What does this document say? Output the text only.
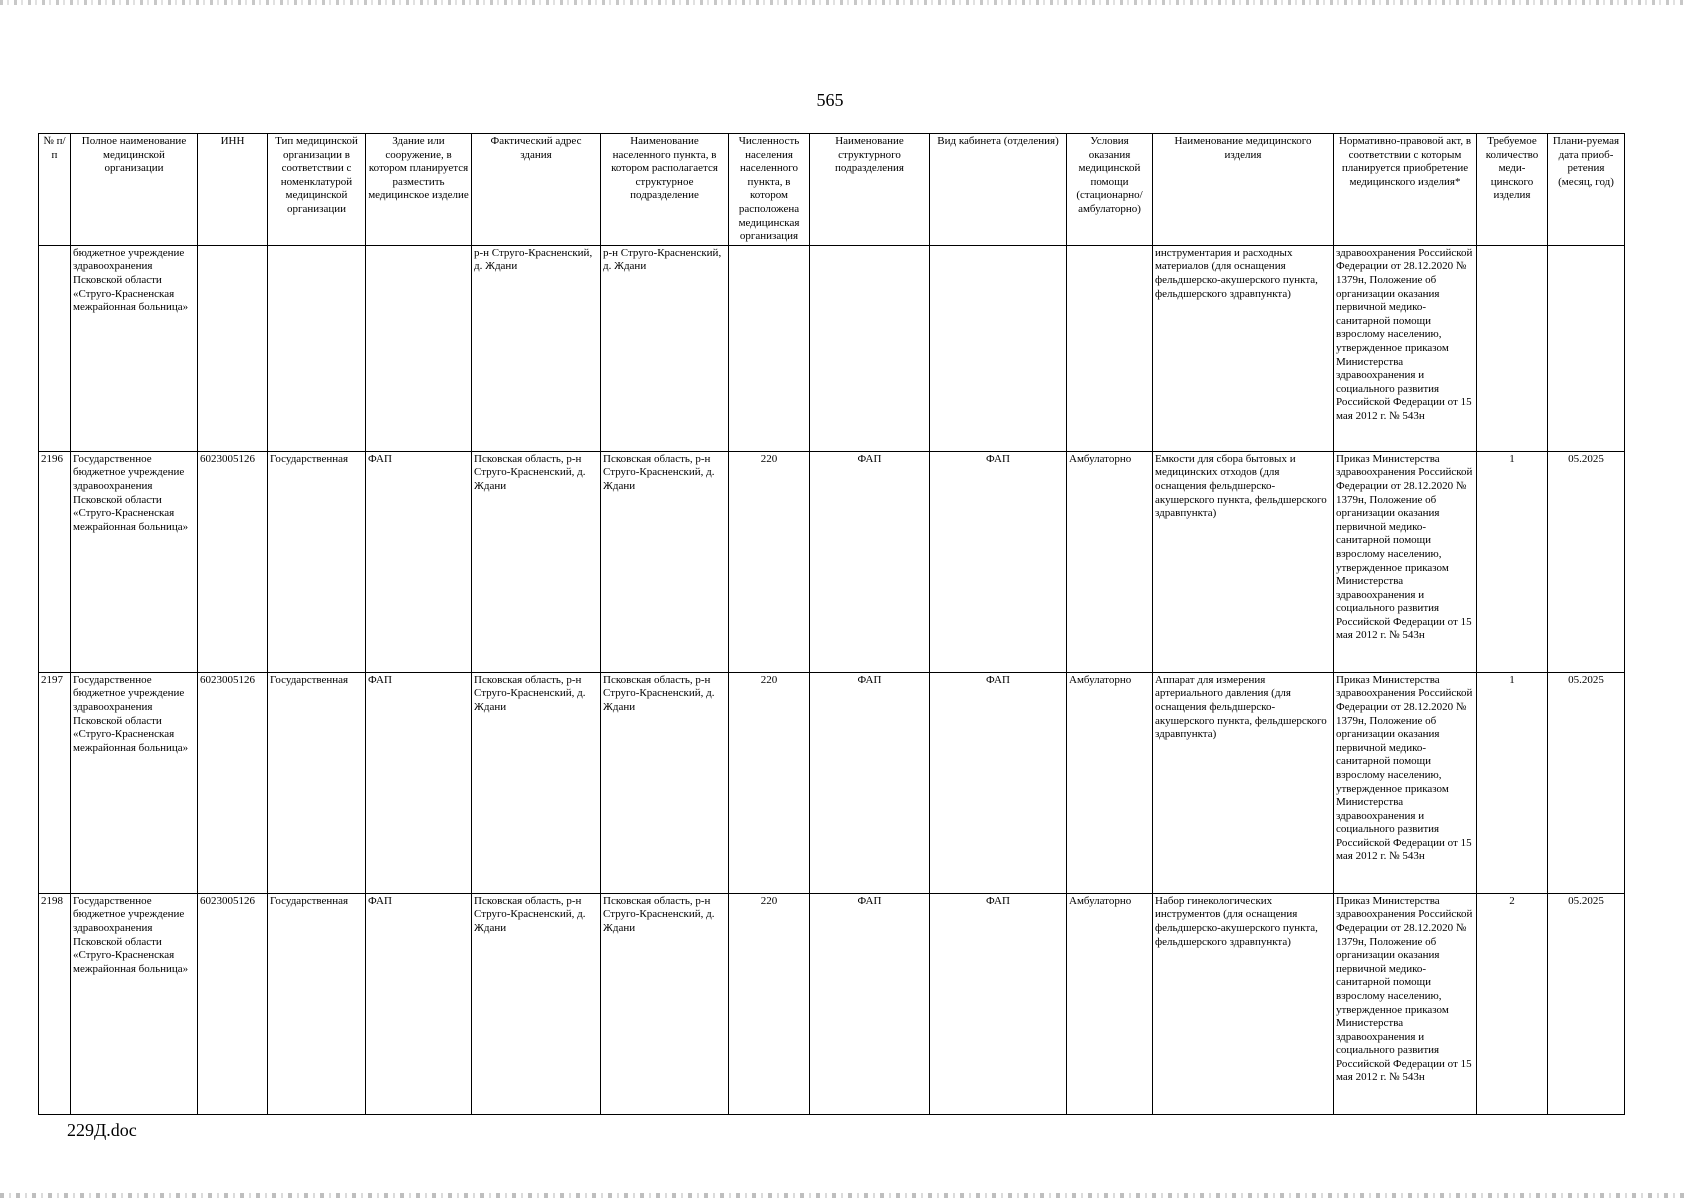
565
№ п/п	Полное наименование медицинской организации	ИНН	Тип медицинской организации в соответствии с номенклатурой медицинской организации	Здание или сооружение, в котором планируется разместить медицинское изделие	Фактический адрес здания	Наименование населенного пункта, в котором располагается структурное подразделение	Численность населения населенного пункта, в котором расположена медицинская организация	Наименование структурного подразделения	Вид кабинета (отделения)	Условия оказания медицинской помощи (стационарно/ амбулаторно)	Наименование медицинского изделия	Нормативно-правовой акт, в соответствии с которым планируется приобретение медицинского изделия*	Требуемое количество меди-цинского изделия	Плани-руемая дата приоб-ретения (месяц, год)
	бюджетное учреждение здравоохранения Псковской области «Струго-Красненская межрайонная больница»				р-н Струго-Красненский, д. Ждани	р-н Струго-Красненский, д. Ждани					инструментария и расходных материалов (для оснащения фельдшерско-акушерского пункта, фельдшерского здравпункта)	здравоохранения Российской Федерации от 28.12.2020 № 1379н, Положение об организации оказания первичной медико-санитарной помощи взрослому населению, утвержденное приказом Министерства здравоохранения и социального развития Российской Федерации от 15 мая 2012 г. № 543н		
2196	Государственное бюджетное учреждение здравоохранения Псковской области «Струго-Красненская межрайонная больница»	6023005126	Государственная	ФАП	Псковская область, р-н Струго-Красненский, д. Ждани	Псковская область, р-н Струго-Красненский, д. Ждани	220	ФАП	ФАП	Амбулаторно	Емкости для сбора бытовых и медицинских отходов (для оснащения фельдшерско-акушерского пункта, фельдшерского здравпункта)	Приказ Министерства здравоохранения Российской Федерации от 28.12.2020 № 1379н, Положение об организации оказания первичной медико-санитарной помощи взрослому населению, утвержденное приказом Министерства здравоохранения и социального развития Российской Федерации от 15 мая 2012 г. № 543н	1	05.2025
2197	Государственное бюджетное учреждение здравоохранения Псковской области «Струго-Красненская межрайонная больница»	6023005126	Государственная	ФАП	Псковская область, р-н Струго-Красненский, д. Ждани	Псковская область, р-н Струго-Красненский, д. Ждани	220	ФАП	ФАП	Амбулаторно	Аппарат для измерения артериального давления (для оснащения фельдшерско-акушерского пункта, фельдшерского здравпункта)	Приказ Министерства здравоохранения Российской Федерации от 28.12.2020 № 1379н, Положение об организации оказания первичной медико-санитарной помощи взрослому населению, утвержденное приказом Министерства здравоохранения и социального развития Российской Федерации от 15 мая 2012 г. № 543н	1	05.2025
2198	Государственное бюджетное учреждение здравоохранения Псковской области «Струго-Красненская межрайонная больница»	6023005126	Государственная	ФАП	Псковская область, р-н Струго-Красненский, д. Ждани	Псковская область, р-н Струго-Красненский, д. Ждани	220	ФАП	ФАП	Амбулаторно	Набор гинекологических инструментов (для оснащения фельдшерско-акушерского пункта, фельдшерского здравпункта)	Приказ Министерства здравоохранения Российской Федерации от 28.12.2020 № 1379н, Положение об организации оказания первичной медико-санитарной помощи взрослому населению, утвержденное приказом Министерства здравоохранения и социального развития Российской Федерации от 15 мая 2012 г. № 543н	2	05.2025
229Д.doc
